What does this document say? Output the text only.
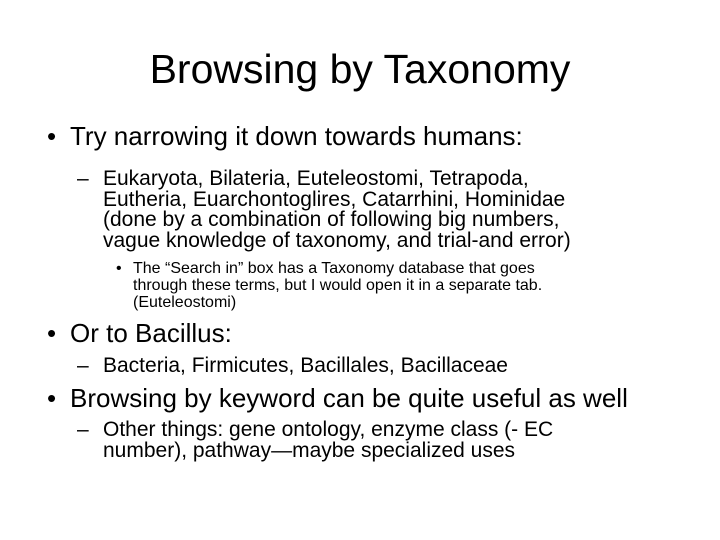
Browsing by Taxonomy
• Try narrowing it down towards humans:
– Eukaryota, Bilateria, Euteleostomi, Tetrapoda,
Eutheria, Euarchontoglires, Catarrhini, Hominidae
(done by a combination of following big numbers,
vague knowledge of taxonomy, and trial-and error)
• The “Search in” box has a Taxonomy database that goes
through these terms, but I would open it in a separate tab.
(Euteleostomi)
• Or to Bacillus:
– Bacteria, Firmicutes, Bacillales, Bacillaceae
• Browsing by keyword can be quite useful as well
– Other things: gene ontology, enzyme class (- EC
number), pathway—maybe specialized uses
